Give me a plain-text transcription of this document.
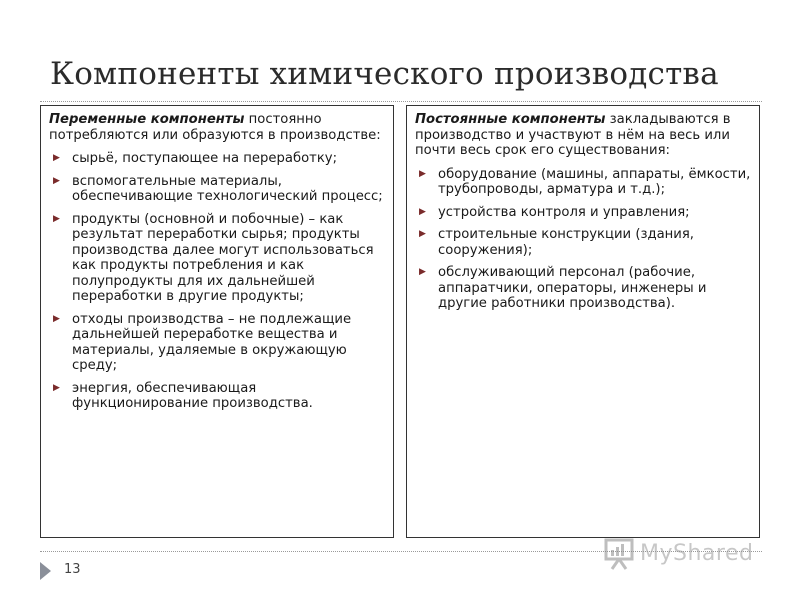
Компоненты химического производства

Переменные компоненты постоянно потребляются или образуются в производстве:

▶ сырьё, поступающее на переработку;
▶ вспомогательные материалы, обеспечивающие технологический процесс;
▶ продукты (основной и побочные) – как результат переработки сырья; продукты производства далее могут использоваться как продукты потребления и как полупродукты для их дальнейшей переработки в другие продукты;
▶ отходы производства – не подлежащие дальнейшей переработке вещества и материалы, удаляемые в окружающую среду;
▶ энергия, обеспечивающая функционирование производства.

Постоянные компоненты закладываются в производство и участвуют в нём на весь или почти весь срок его существования:

▶ оборудование (машины, аппараты, ёмкости, трубопроводы, арматура и т.д.);
▶ устройства контроля и управления;
▶ строительные конструкции (здания, сооружения);
▶ обслуживающий персонал (рабочие, аппаратчики, операторы, инженеры и другие работники производства).
13
MyShared
